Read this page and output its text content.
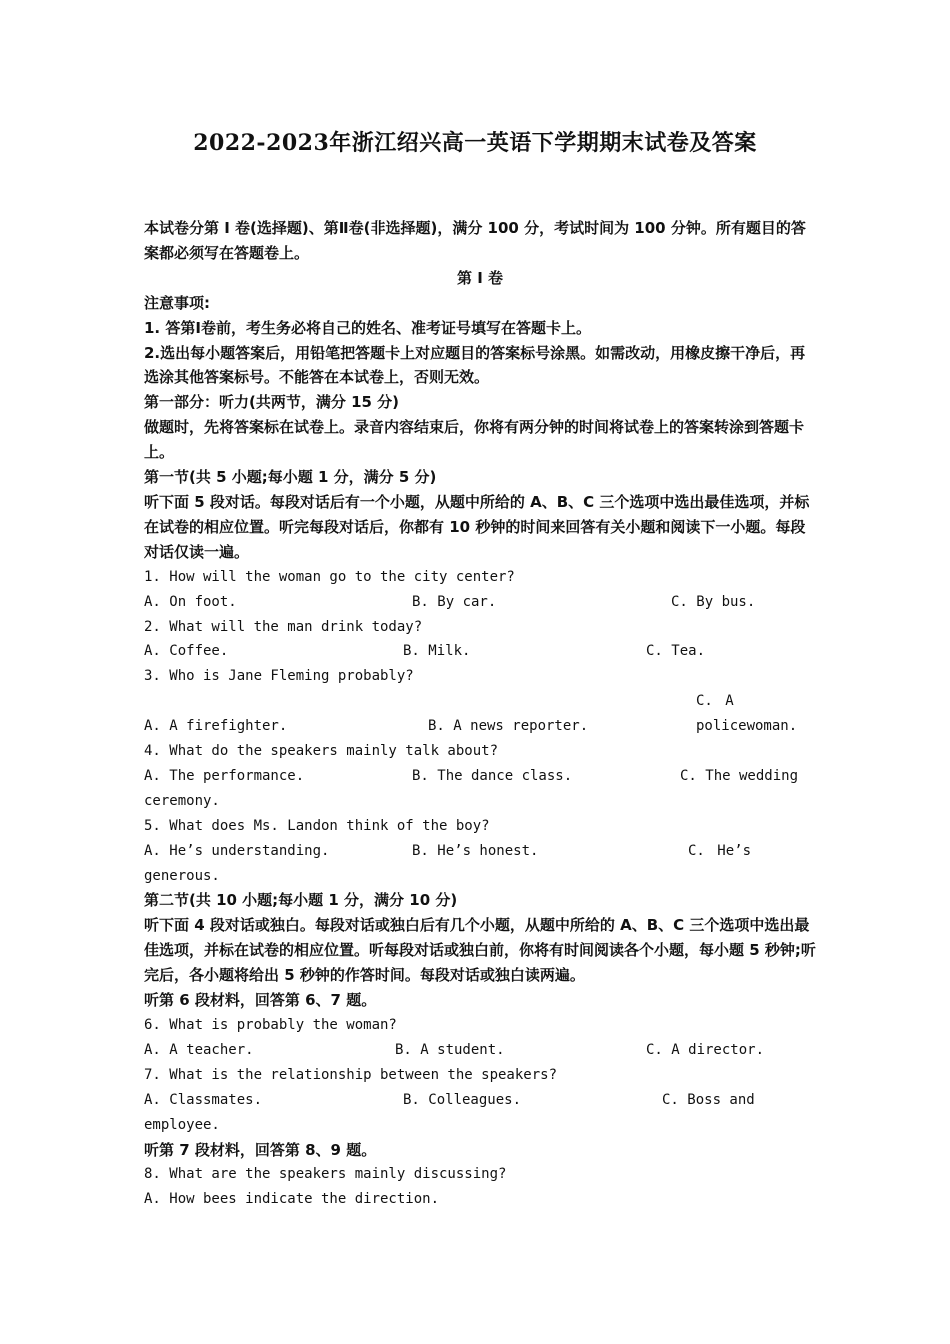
2022-2023年浙江绍兴高一英语下学期期末试卷及答案

本试卷分第 I 卷(选择题)、第Ⅱ卷(非选择题)，满分 100 分，考试时间为 100 分钟。所有题目的答案都必须写在答题卷上。

第 I 卷

注意事项:

1. 答第Ⅰ卷前，考生务必将自己的姓名、准考证号填写在答题卡上。

2.选出每小题答案后，用铅笔把答题卡上对应题目的答案标号涂黑。如需改动，用橡皮擦干净后，再选涂其他答案标号。不能答在本试卷上，否则无效。

第一部分：听力(共两节，满分 15 分)

做题时，先将答案标在试卷上。录音内容结束后，你将有两分钟的时间将试卷上的答案转涂到答题卡上。

第一节(共 5 小题;每小题 1 分，满分 5 分)

听下面 5 段对话。每段对话后有一个小题，从题中所给的 A、B、C 三个选项中选出最佳选项，并标在试卷的相应位置。听完每段对话后，你都有 10 秒钟的时间来回答有关小题和阅读下一小题。每段对话仅读一遍。

1. How will the woman go to the city center?

A. On foot.	B. By car.	C. By bus.

2. What will the man drink today?

A. Coffee.	B. Milk.	C. Tea.

3. Who is Jane Fleming probably?

A. A firefighter.	B. A news reporter.C. A policewoman.

4. What do the speakers mainly talk about?

A. The performance.	B. The dance class.	C. The wedding ceremony.

5. What does Ms. Landon think of the boy?

A. He’s understanding.	B. He’s honest.	C. He’s generous.

第二节(共 10 小题;每小题 1 分，满分 10 分)

听下面 4 段对话或独白。每段对话或独白后有几个小题，从题中所给的 A、B、C 三个选项中选出最佳选项，并标在试卷的相应位置。听每段对话或独白前，你将有时间阅读各个小题，每小题 5 秒钟;听完后，各小题将给出 5 秒钟的作答时间。每段对话或独白读两遍。

听第 6 段材料，回答第 6、7 题。

6. What is probably the woman?

A. A teacher.	B. A student.	C. A director.

7. What is the relationship between the speakers?

A. Classmates.	B. Colleagues.	C. Boss and employee.

听第 7 段材料，回答第 8、9 题。

8. What are the speakers mainly discussing?

A. How bees indicate the direction.
